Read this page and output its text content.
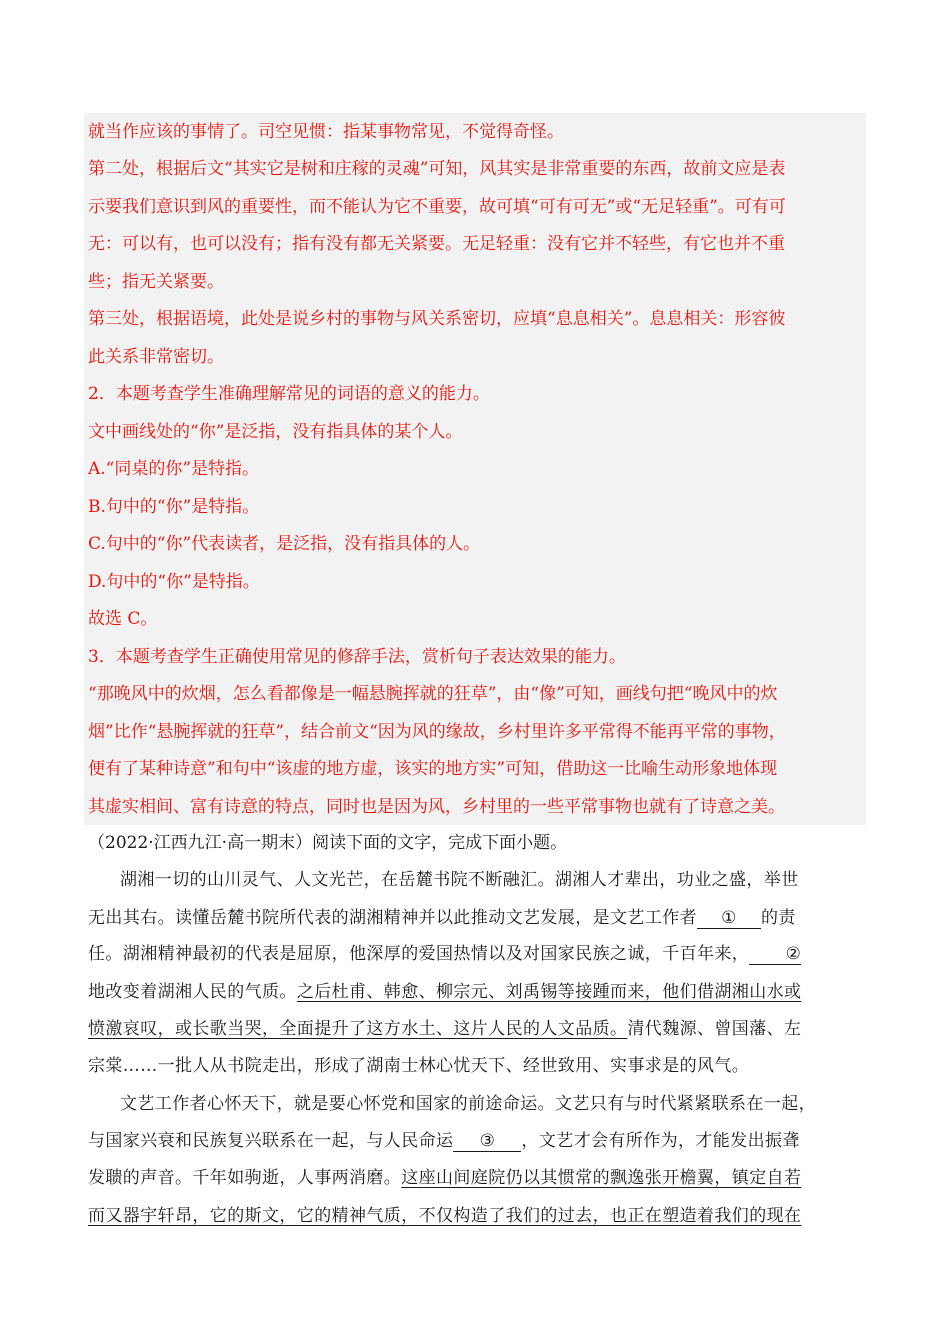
就当作应该的事情了。司空见惯：指某事物常见，不觉得奇怪。
第二处，根据后文“其实它是树和庄稼的灵魂”可知，风其实是非常重要的东西，故前文应是表
示要我们意识到风的重要性，而不能认为它不重要，故可填“可有可无”或“无足轻重”。可有可
无：可以有，也可以没有；指有没有都无关紧要。无足轻重：没有它并不轻些，有它也并不重
些；指无关紧要。
第三处，根据语境，此处是说乡村的事物与风关系密切，应填“息息相关”。息息相关：形容彼
此关系非常密切。
2．本题考查学生准确理解常见的词语的意义的能力。
文中画线处的“你”是泛指，没有指具体的某个人。
A.“同桌的你”是特指。
B.句中的“你”是特指。
C.句中的“你”代表读者，是泛指，没有指具体的人。
D.句中的“你”是特指。
故选 C。
3．本题考查学生正确使用常见的修辞手法，赏析句子表达效果的能力。
“那晚风中的炊烟，怎么看都像是一幅悬腕挥就的狂草”，由“像”可知，画线句把“晚风中的炊
烟”比作“悬腕挥就的狂草”，结合前文“因为风的缘故，乡村里许多平常得不能再平常的事物，
便有了某种诗意”和句中“该虚的地方虚，该实的地方实”可知，借助这一比喻生动形象地体现
其虚实相间、富有诗意的特点，同时也是因为风，乡村里的一些平常事物也就有了诗意之美。
（2022·江西九江·高一期末）阅读下面的文字，完成下面小题。
湖湘一切的山川灵气、人文光芒，在岳麓书院不断融汇。湖湘人才辈出，功业之盛，举世
无出其右。读懂岳麓书院所代表的湖湘精神并以此推动文艺发展，是文艺工作者 ① 的责
任。湖湘精神最初的代表是屈原，他深厚的爱国热情以及对国家民族之诚，千百年来， ②
地改变着湖湘人民的气质。之后杜甫、韩愈、柳宗元、刘禹锡等接踵而来，他们借湖湘山水或
愤激哀叹，或长歌当哭，全面提升了这方水土、这片人民的人文品质。清代魏源、曾国藩、左
宗棠……一批人从书院走出，形成了湖南士林心忧天下、经世致用、实事求是的风气。
文艺工作者心怀天下，就是要心怀党和国家的前途命运。文艺只有与时代紧紧联系在一起，
与国家兴衰和民族复兴联系在一起，与人民命运 ③ ，文艺才会有所作为，才能发出振聋
发聩的声音。千年如驹逝，人事两消磨。这座山间庭院仍以其惯常的飘逸张开檐翼，镇定自若
而又器宇轩昂，它的斯文，它的精神气质，不仅构造了我们的过去，也正在塑造着我们的现在
